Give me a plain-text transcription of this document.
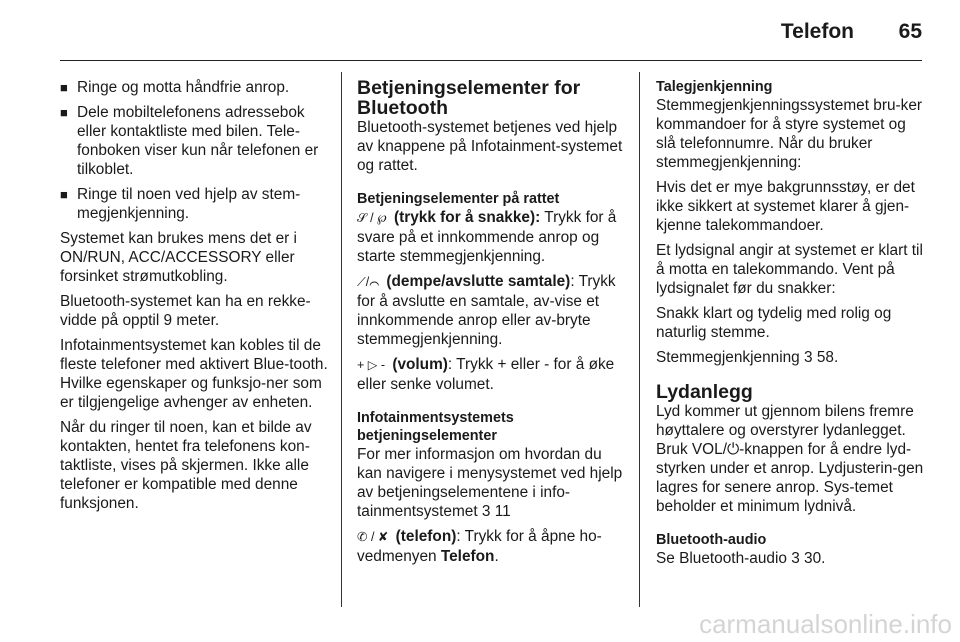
Telefon 65
■ Ringe og motta håndfrie anrop.
■ Dele mobiltelefonens adressebok eller kontaktliste med bilen. Tele-fonboken viser kun når telefonen er tilkoblet.
■ Ringe til noen ved hjelp av stem-megjenkjenning.

Systemet kan brukes mens det er i ON/RUN, ACC/ACCESSORY eller forsinket strømutkobling.

Bluetooth-systemet kan ha en rekke-vidde på opptil 9 meter.

Infotainmentsystemet kan kobles til de fleste telefoner med aktivert Blue-tooth. Hvilke egenskaper og funksjo-ner som er tilgjengelige avhenger av enheten.

Når du ringer til noen, kan et bilde av kontakten, hentet fra telefonens kon-taktliste, vises på skjermen. Ikke alle telefoner er kompatible med denne funksjonen.

Betjeningselementer for Bluetooth

Bluetooth-systemet betjenes ved hjelp av knappene på Infotainment-systemet og rattet.

Betjeningselementer på rattet

𝒮 / ℘ (trykk for å snakke): Trykk for å svare på et innkommende anrop og starte stemmegjenkjenning.

⟋/⌒ (dempe/avslutte samtale): Trykk for å avslutte en samtale, av-vise et innkommende anrop eller av-bryte stemmegjenkjenning.

+ ▷ - (volum): Trykk + eller - for å øke eller senke volumet.

Infotainmentsystemets betjeningselementer

For mer informasjon om hvordan du kan navigere i menysystemet ved hjelp av betjeningselementene i info-tainmentsystemet 3 11

✆ / ✘ (telefon): Trykk for å åpne ho-vedmenyen Telefon.

Talegjenkjenning

Stemmegjenkjenningssystemet bru-ker kommandoer for å styre systemet og slå telefonnumre. Når du bruker stemmegjenkjenning:

Hvis det er mye bakgrunnsstøy, er det ikke sikkert at systemet klarer å gjen-kjenne talekommandoer.

Et lydsignal angir at systemet er klart til å motta en talekommando. Vent på lydsignalet før du snakker:

Snakk klart og tydelig med rolig og naturlig stemme.

Stemmegjenkjenning 3 58.

Lydanlegg

Lyd kommer ut gjennom bilens fremre høyttalere og overstyrer lydanlegget. Bruk VOL/⏻-knappen for å endre lyd-styrken under et anrop. Lydjusterin-gen lagres for senere anrop. Sys-temet beholder et minimum lydnivå.

Bluetooth-audio

Se Bluetooth-audio 3 30.

carmanualsonline.info
